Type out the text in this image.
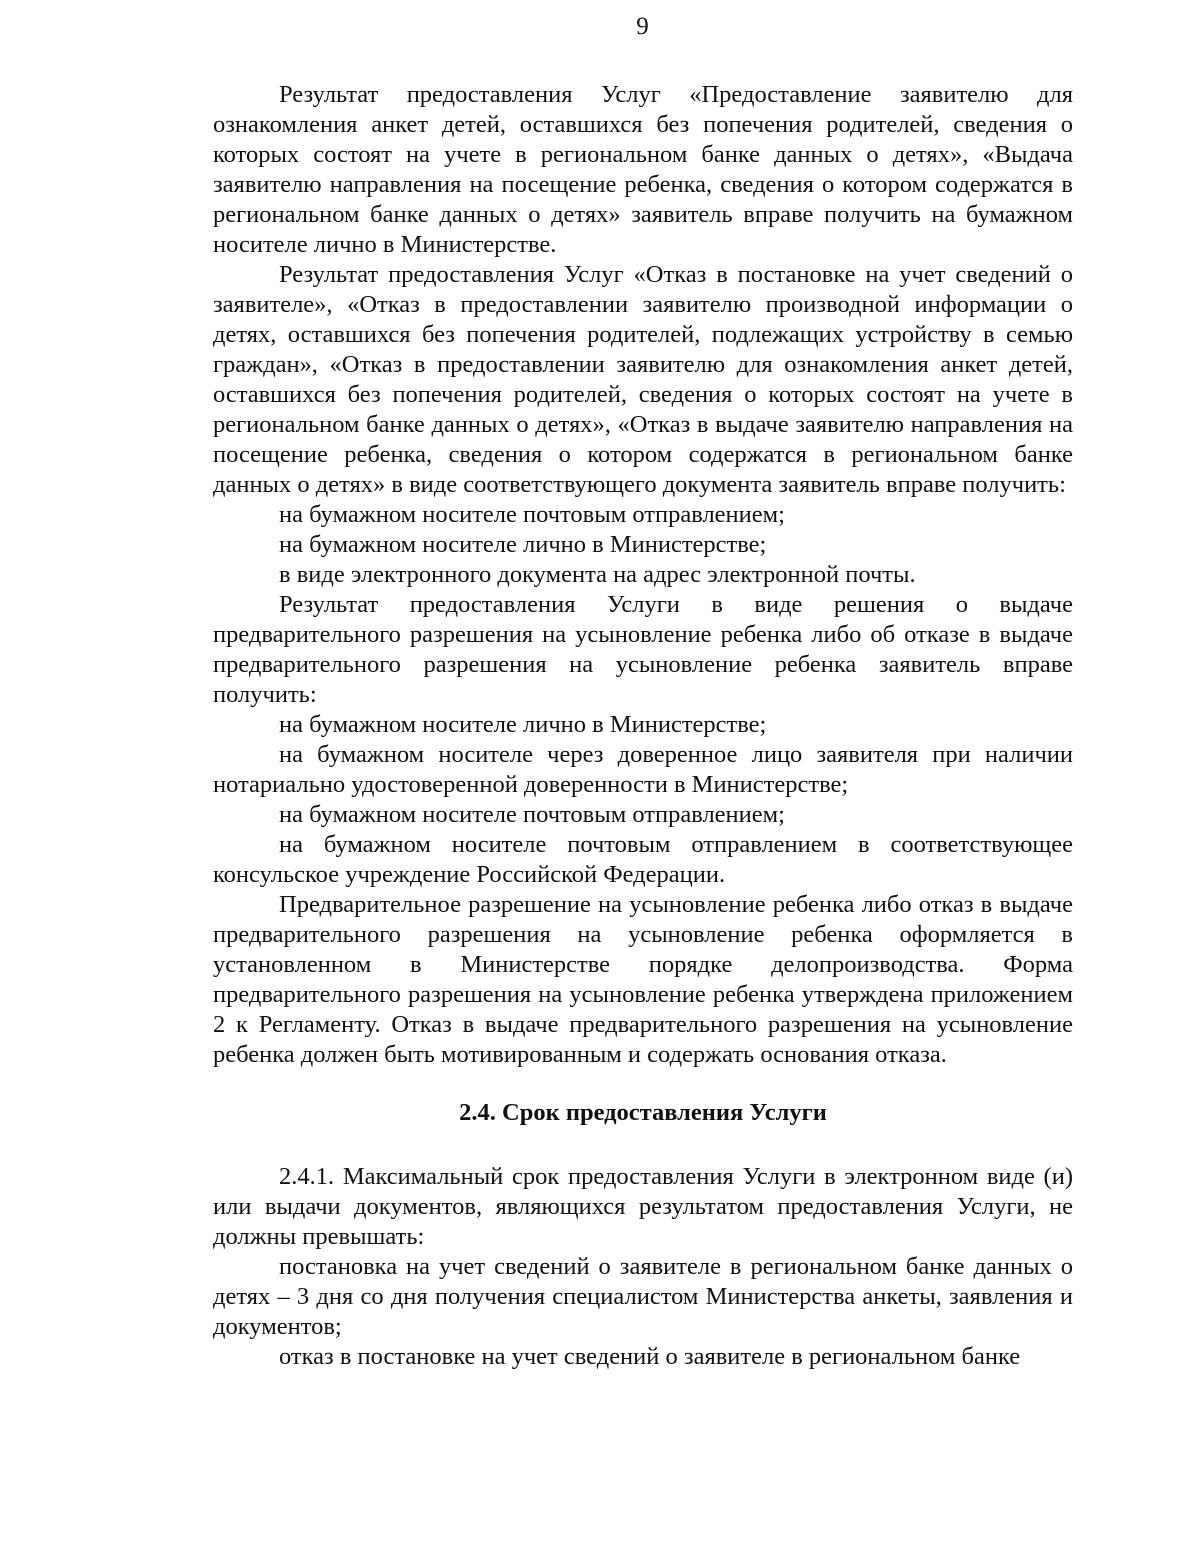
9

Результат предоставления Услуг «Предоставление заявителю для ознакомления анкет детей, оставшихся без попечения родителей, сведения о которых состоят на учете в региональном банке данных о детях», «Выдача заявителю направления на посещение ребенка, сведения о котором содержатся в региональном банке данных о детях» заявитель вправе получить на бумажном носителе лично в Министерстве.

Результат предоставления Услуг «Отказ в постановке на учет сведений о заявителе», «Отказ в предоставлении заявителю производной информации о детях, оставшихся без попечения родителей, подлежащих устройству в семью граждан», «Отказ в предоставлении заявителю для ознакомления анкет детей, оставшихся без попечения родителей, сведения о которых состоят на учете в региональном банке данных о детях», «Отказ в выдаче заявителю направления на посещение ребенка, сведения о котором содержатся в региональном банке данных о детях» в виде соответствующего документа заявитель вправе получить:

на бумажном носителе почтовым отправлением;

на бумажном носителе лично в Министерстве;

в виде электронного документа на адрес электронной почты.

Результат предоставления Услуги в виде решения о выдаче предварительного разрешения на усыновление ребенка либо об отказе в выдаче предварительного разрешения на усыновление ребенка заявитель вправе получить:

на бумажном носителе лично в Министерстве;

на бумажном носителе через доверенное лицо заявителя при наличии нотариально удостоверенной доверенности в Министерстве;

на бумажном носителе почтовым отправлением;

на бумажном носителе почтовым отправлением в соответствующее консульское учреждение Российской Федерации.

Предварительное разрешение на усыновление ребенка либо отказ в выдаче предварительного разрешения на усыновление ребенка оформляется в установленном в Министерстве порядке делопроизводства. Форма предварительного разрешения на усыновление ребенка утверждена приложением 2 к Регламенту. Отказ в выдаче предварительного разрешения на усыновление ребенка должен быть мотивированным и содержать основания отказа.

2.4. Срок предоставления Услуги

2.4.1. Максимальный срок предоставления Услуги в электронном виде (и) или выдачи документов, являющихся результатом предоставления Услуги, не должны превышать:

постановка на учет сведений о заявителе в региональном банке данных о детях – 3 дня со дня получения специалистом Министерства анкеты, заявления и документов;

отказ в постановке на учет сведений о заявителе в региональном банке
